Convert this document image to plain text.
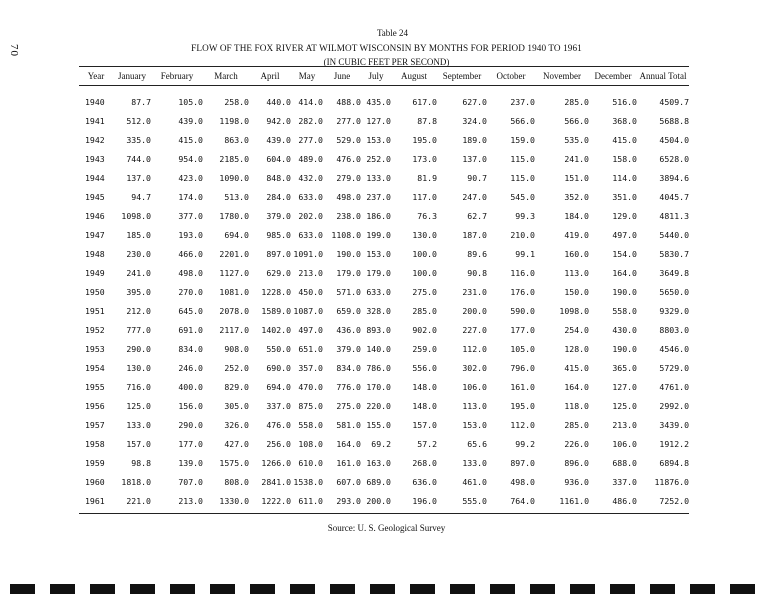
70
Table 24
FLOW OF THE FOX RIVER AT WILMOT WISCONSIN BY MONTHS FOR PERIOD 1940 TO 1961
(IN CUBIC FEET PER SECOND)
Year	January	February	March	April	May	June	July	August	September	October	November	December	Annual Total
1940	87.7	105.0	258.0	440.0	414.0	488.0	435.0	617.0	627.0	237.0	285.0	516.0	4509.7
1941	512.0	439.0	1198.0	942.0	282.0	277.0	127.0	87.8	324.0	566.0	566.0	368.0	5688.8
1942	335.0	415.0	863.0	439.0	277.0	529.0	153.0	195.0	189.0	159.0	535.0	415.0	4504.0
1943	744.0	954.0	2185.0	604.0	489.0	476.0	252.0	173.0	137.0	115.0	241.0	158.0	6528.0
1944	137.0	423.0	1090.0	848.0	432.0	279.0	133.0	81.9	90.7	115.0	151.0	114.0	3894.6
1945	94.7	174.0	513.0	284.0	633.0	498.0	237.0	117.0	247.0	545.0	352.0	351.0	4045.7
1946	1098.0	377.0	1780.0	379.0	202.0	238.0	186.0	76.3	62.7	99.3	184.0	129.0	4811.3
1947	185.0	193.0	694.0	985.0	633.0	1108.0	199.0	130.0	187.0	210.0	419.0	497.0	5440.0
1948	230.0	466.0	2201.0	897.0	1091.0	190.0	153.0	100.0	89.6	99.1	160.0	154.0	5830.7
1949	241.0	498.0	1127.0	629.0	213.0	179.0	179.0	100.0	90.8	116.0	113.0	164.0	3649.8
1950	395.0	270.0	1081.0	1228.0	450.0	571.0	633.0	275.0	231.0	176.0	150.0	190.0	5650.0
1951	212.0	645.0	2078.0	1589.0	1087.0	659.0	328.0	285.0	200.0	590.0	1098.0	558.0	9329.0
1952	777.0	691.0	2117.0	1402.0	497.0	436.0	893.0	902.0	227.0	177.0	254.0	430.0	8803.0
1953	290.0	834.0	908.0	550.0	651.0	379.0	140.0	259.0	112.0	105.0	128.0	190.0	4546.0
1954	130.0	246.0	252.0	690.0	357.0	834.0	786.0	556.0	302.0	796.0	415.0	365.0	5729.0
1955	716.0	400.0	829.0	694.0	470.0	776.0	170.0	148.0	106.0	161.0	164.0	127.0	4761.0
1956	125.0	156.0	305.0	337.0	875.0	275.0	220.0	148.0	113.0	195.0	118.0	125.0	2992.0
1957	133.0	290.0	326.0	476.0	558.0	581.0	155.0	157.0	153.0	112.0	285.0	213.0	3439.0
1958	157.0	177.0	427.0	256.0	108.0	164.0	69.2	57.2	65.6	99.2	226.0	106.0	1912.2
1959	98.8	139.0	1575.0	1266.0	610.0	161.0	163.0	268.0	133.0	897.0	896.0	688.0	6894.8
1960	1818.0	707.0	808.0	2841.0	1538.0	607.0	689.0	636.0	461.0	498.0	936.0	337.0	11876.0
1961	221.0	213.0	1330.0	1222.0	611.0	293.0	200.0	196.0	555.0	764.0	1161.0	486.0	7252.0

Source: U. S. Geological Survey
